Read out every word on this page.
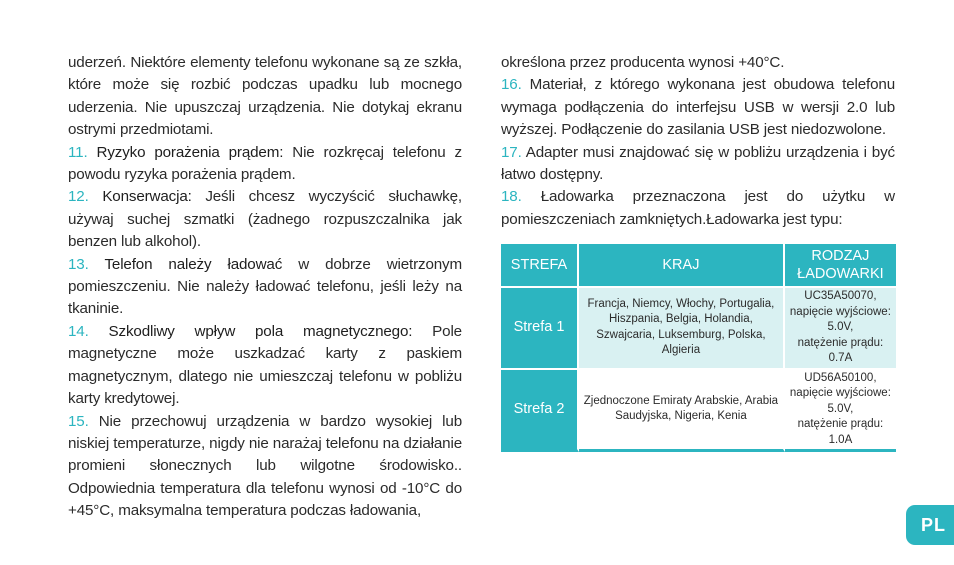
uderzeń. Niektóre elementy telefonu wykonane są ze szkła, które może się rozbić podczas upadku lub mocnego uderzenia. Nie upuszczaj urządzenia. Nie dotykaj ekranu ostrymi przedmiotami.

11. Ryzyko porażenia prądem: Nie rozkręcaj telefonu z powodu ryzyka porażenia prądem.

12. Konserwacja: Jeśli chcesz wyczyścić słuchawkę, używaj suchej szmatki (żadnego rozpuszczalnika jak benzen lub alkohol).

13. Telefon należy ładować w dobrze wietrzonym pomieszczeniu. Nie należy ładować telefonu, jeśli leży na tkaninie.

14. Szkodliwy wpływ pola magnetycznego: Pole magnetyczne może uszkadzać karty z paskiem magnetycznym, dlatego nie umieszczaj telefonu w pobliżu karty kredytowej.

15. Nie przechowuj urządzenia w bardzo wysokiej lub niskiej temperaturze, nigdy nie narażaj telefonu na działanie promieni słonecznych lub wilgotne środowisko.. Odpowiednia temperatura dla telefonu wynosi od -10°C do +45°C, maksymalna temperatura podczas ładowania,

określona przez producenta wynosi +40°C.

16. Materiał, z którego wykonana jest obudowa telefonu wymaga podłączenia do interfejsu USB w wersji 2.0 lub wyższej. Podłączenie do zasilania USB jest niedozwolone.

17. Adapter musi znajdować się w pobliżu urządzenia i być łatwo dostępny.

18. Ładowarka przeznaczona jest do użytku w pomieszczeniach zamkniętych.Ładowarka jest typu:

STREFA	KRAJ	RODZAJ ŁADOWARKI
Strefa 1	Francja, Niemcy, Włochy, Portugalia, Hiszpania, Belgia, Holandia, Szwajcaria, Luksemburg, Polska, Algieria	UC35A50070,
napięcie wyjściowe: 5.0V,
natężenie prądu: 0.7A

Strefa 2	Zjednoczone Emiraty Arabskie, Arabia Saudyjska, Nigeria, Kenia	UD56A50100,
napięcie wyjściowe: 5.0V,
natężenie prądu: 1.0A
PL
